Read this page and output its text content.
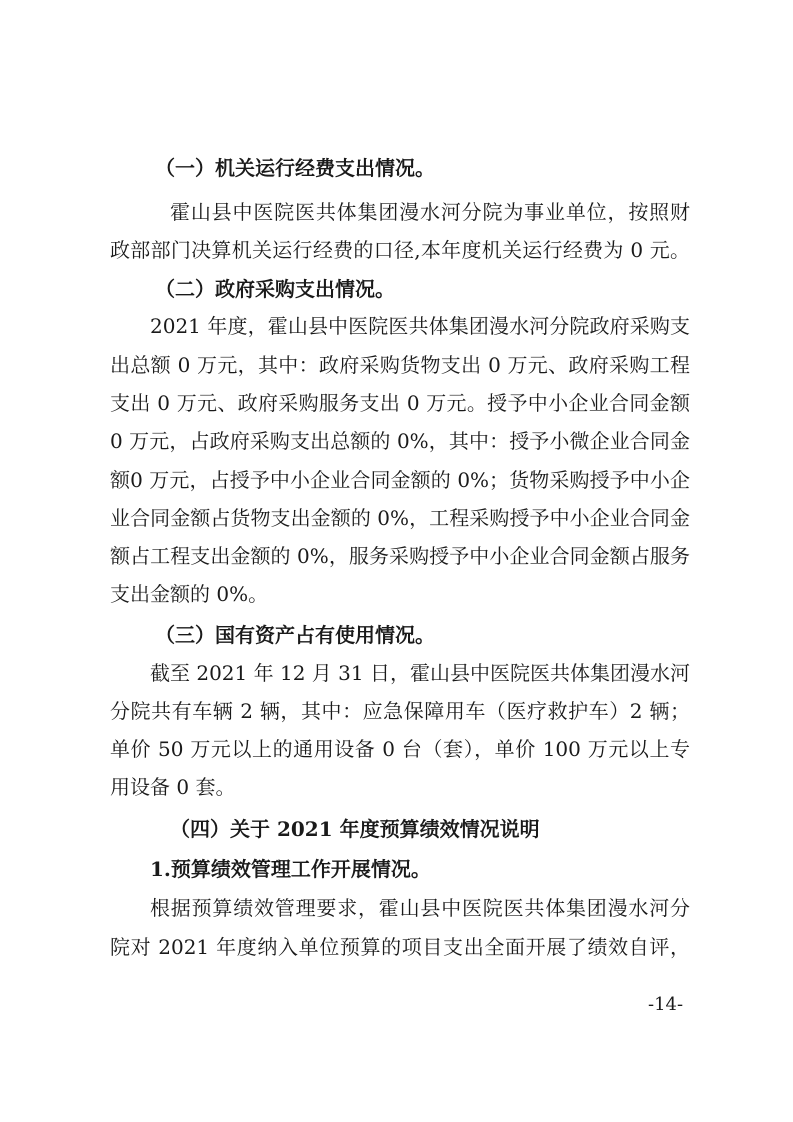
（一）机关运行经费支出情况。
霍山县中医院医共体集团漫水河分院为事业单位，按照财
政部部门决算机关运行经费的口径,本年度机关运行经费为 0 元。
（二）政府采购支出情况。
2021 年度，霍山县中医院医共体集团漫水河分院政府采购支
出总额 0 万元，其中：政府采购货物支出 0 万元、政府采购工程
支出 0 万元、政府采购服务支出 0 万元。授予中小企业合同金额
0 万元，占政府采购支出总额的 0%，其中：授予小微企业合同金
额0 万元，占授予中小企业合同金额的 0%；货物采购授予中小企
业合同金额占货物支出金额的 0%，工程采购授予中小企业合同金
额占工程支出金额的 0%，服务采购授予中小企业合同金额占服务
支出金额的 0%。
（三）国有资产占有使用情况。
截至 2021 年 12 月 31 日，霍山县中医院医共体集团漫水河
分院共有车辆 2 辆，其中：应急保障用车（医疗救护车）2 辆；
单价 50 万元以上的通用设备 0 台（套），单价 100 万元以上专
用设备 0 套。
（四）关于 2021 年度预算绩效情况说明
1.预算绩效管理工作开展情况。
根据预算绩效管理要求，霍山县中医院医共体集团漫水河分
院对 2021 年度纳入单位预算的项目支出全面开展了绩效自评，
-14-
